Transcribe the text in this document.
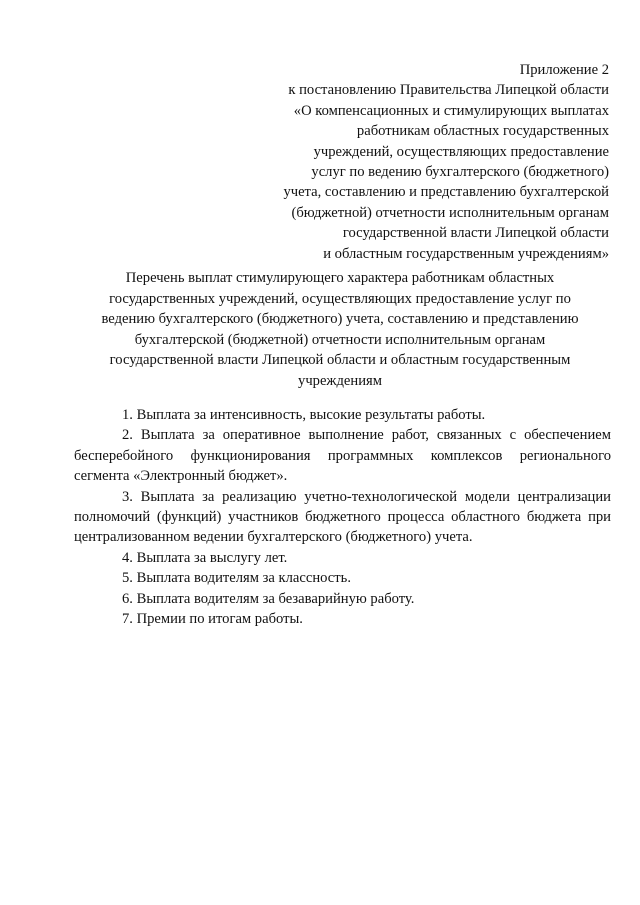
Приложение 2
к постановлению Правительства Липецкой области
«О компенсационных и стимулирующих выплатах
работникам областных государственных
учреждений, осуществляющих предоставление
услуг по ведению бухгалтерского (бюджетного)
учета, составлению и представлению бухгалтерской
(бюджетной) отчетности исполнительным органам
государственной власти Липецкой области
и областным государственным учреждениям»
Перечень выплат стимулирующего характера работникам областных
государственных учреждений, осуществляющих предоставление услуг по
ведению бухгалтерского (бюджетного) учета, составлению и представлению
бухгалтерской (бюджетной) отчетности исполнительным органам
государственной власти Липецкой области и областным государственным
учреждениям

1. Выплата за интенсивность, высокие результаты работы.

2. Выплата за оперативное выполнение работ, связанных с обеспечением бесперебойного функционирования программных комплексов регионального сегмента «Электронный бюджет».

3. Выплата за реализацию учетно-технологической модели централизации полномочий (функций) участников бюджетного процесса областного бюджета при централизованном ведении бухгалтерского (бюджетного) учета.

4. Выплата за выслугу лет.

5. Выплата водителям за классность.

6. Выплата водителям за безаварийную работу.

7. Премии по итогам работы.
